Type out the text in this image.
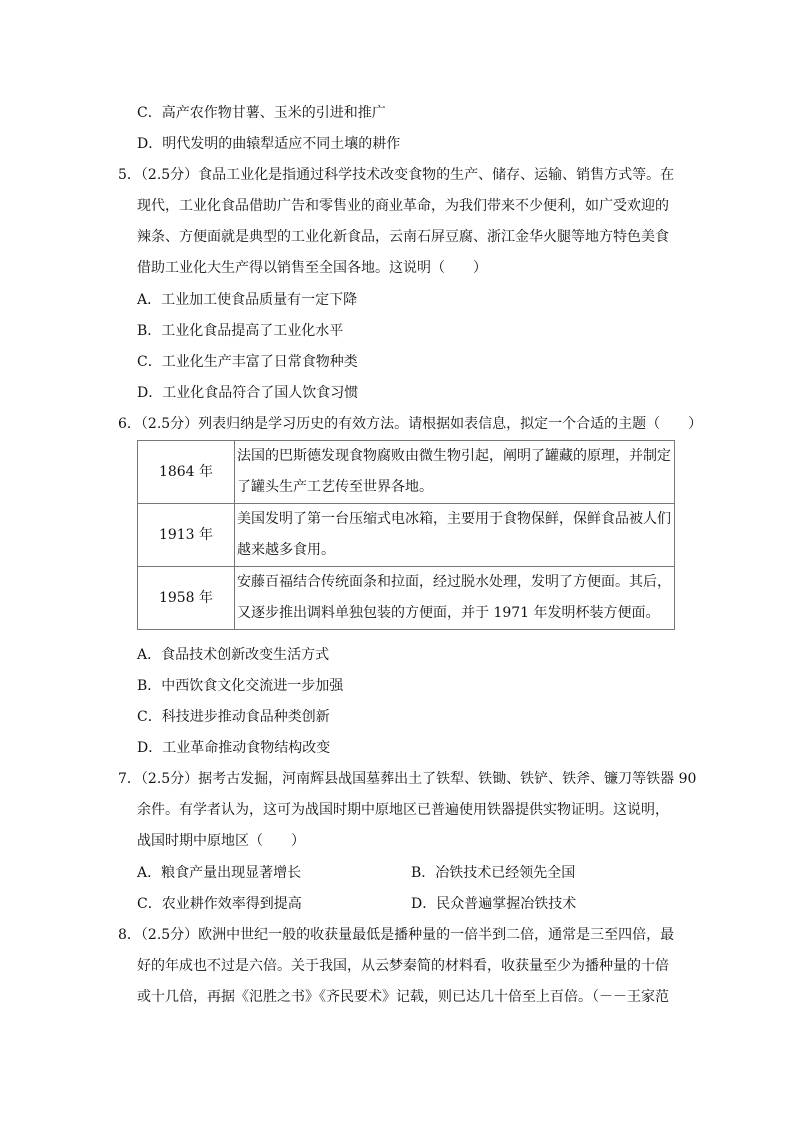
C．高产农作物甘薯、玉米的引进和推广
D．明代发明的曲辕犁适应不同土壤的耕作
5．（2.5分）食品工业化是指通过科学技术改变食物的生产、储存、运输、销售方式等。在
现代，工业化食品借助广告和零售业的商业革命，为我们带来不少便利，如广受欢迎的
辣条、方便面就是典型的工业化新食品，云南石屏豆腐、浙江金华火腿等地方特色美食
借助工业化大生产得以销售至全国各地。这说明（　　）
A．工业加工使食品质量有一定下降
B．工业化食品提高了工业化水平
C．工业化生产丰富了日常食物种类
D．工业化食品符合了国人饮食习惯
6．（2.5分）列表归纳是学习历史的有效方法。请根据如表信息，拟定一个合适的主题（　　）
1864 年	法国的巴斯德发现食物腐败由微生物引起，阐明了罐藏的原理，并制定
了罐头生产工艺传至世界各地。

1913 年	美国发明了第一台压缩式电冰箱，主要用于食物保鲜，保鲜食品被人们
越来越多食用。

1958 年	安藤百福结合传统面条和拉面，经过脱水处理，发明了方便面。其后，
又逐步推出调料单独包装的方便面，并于 1971 年发明杯装方便面。
A．食品技术创新改变生活方式
B．中西饮食文化交流进一步加强
C．科技进步推动食品种类创新
D．工业革命推动食物结构改变
7．（2.5分）据考古发掘，河南辉县战国墓葬出土了铁犁、铁锄、铁铲、铁斧、镰刀等铁器 90
余件。有学者认为，这可为战国时期中原地区已普遍使用铁器提供实物证明。这说明，
战国时期中原地区（　　）
A．粮食产量出现显著增长	B．冶铁技术已经领先全国
C．农业耕作效率得到提高	D．民众普遍掌握冶铁技术
8．（2.5分）欧洲中世纪一般的收获量最低是播种量的一倍半到二倍，通常是三至四倍，最
好的年成也不过是六倍。关于我国，从云梦秦简的材料看，收获量至少为播种量的十倍
或十几倍，再据《氾胜之书》《齐民要术》记载，则已达几十倍至上百倍。（－－王家范
